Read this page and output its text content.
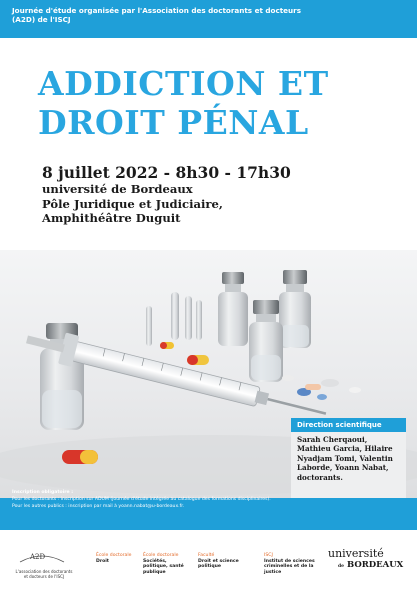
Journée d'étude organisée par l'Association des doctorants et docteurs (A2D) de l'ISCJ
ADDICTION ET
DROIT PÉNAL
8 juillet 2022 - 8h30 - 17h30
université de Bordeaux
Pôle Juridique et Judiciaire,
Amphithéâtre Duguit
Direction scientifique
Sarah Cherqaoui, Mathieu Garcia, Hilaire Nyadjam Tomi, Valentin Laborde, Yoann Nabat, doctorants.
Inscription obligatoire :
Pour les doctorants : inscription sur ADUM (journée d'étude intégrée au catalogue des formations disciplinaires).
Pour les autres publics : inscription par mail à yoann.nabat@u-bordeaux.fr.
A2D
L'association des doctorants et docteurs de l'ISCJ
École doctorale
Droit
École doctorale
Sociétés, politique, santé publique
Faculté
Droit et science politique
ISCJ
Institut de sciences criminelles et de la justice
université
de BORDEAUX
